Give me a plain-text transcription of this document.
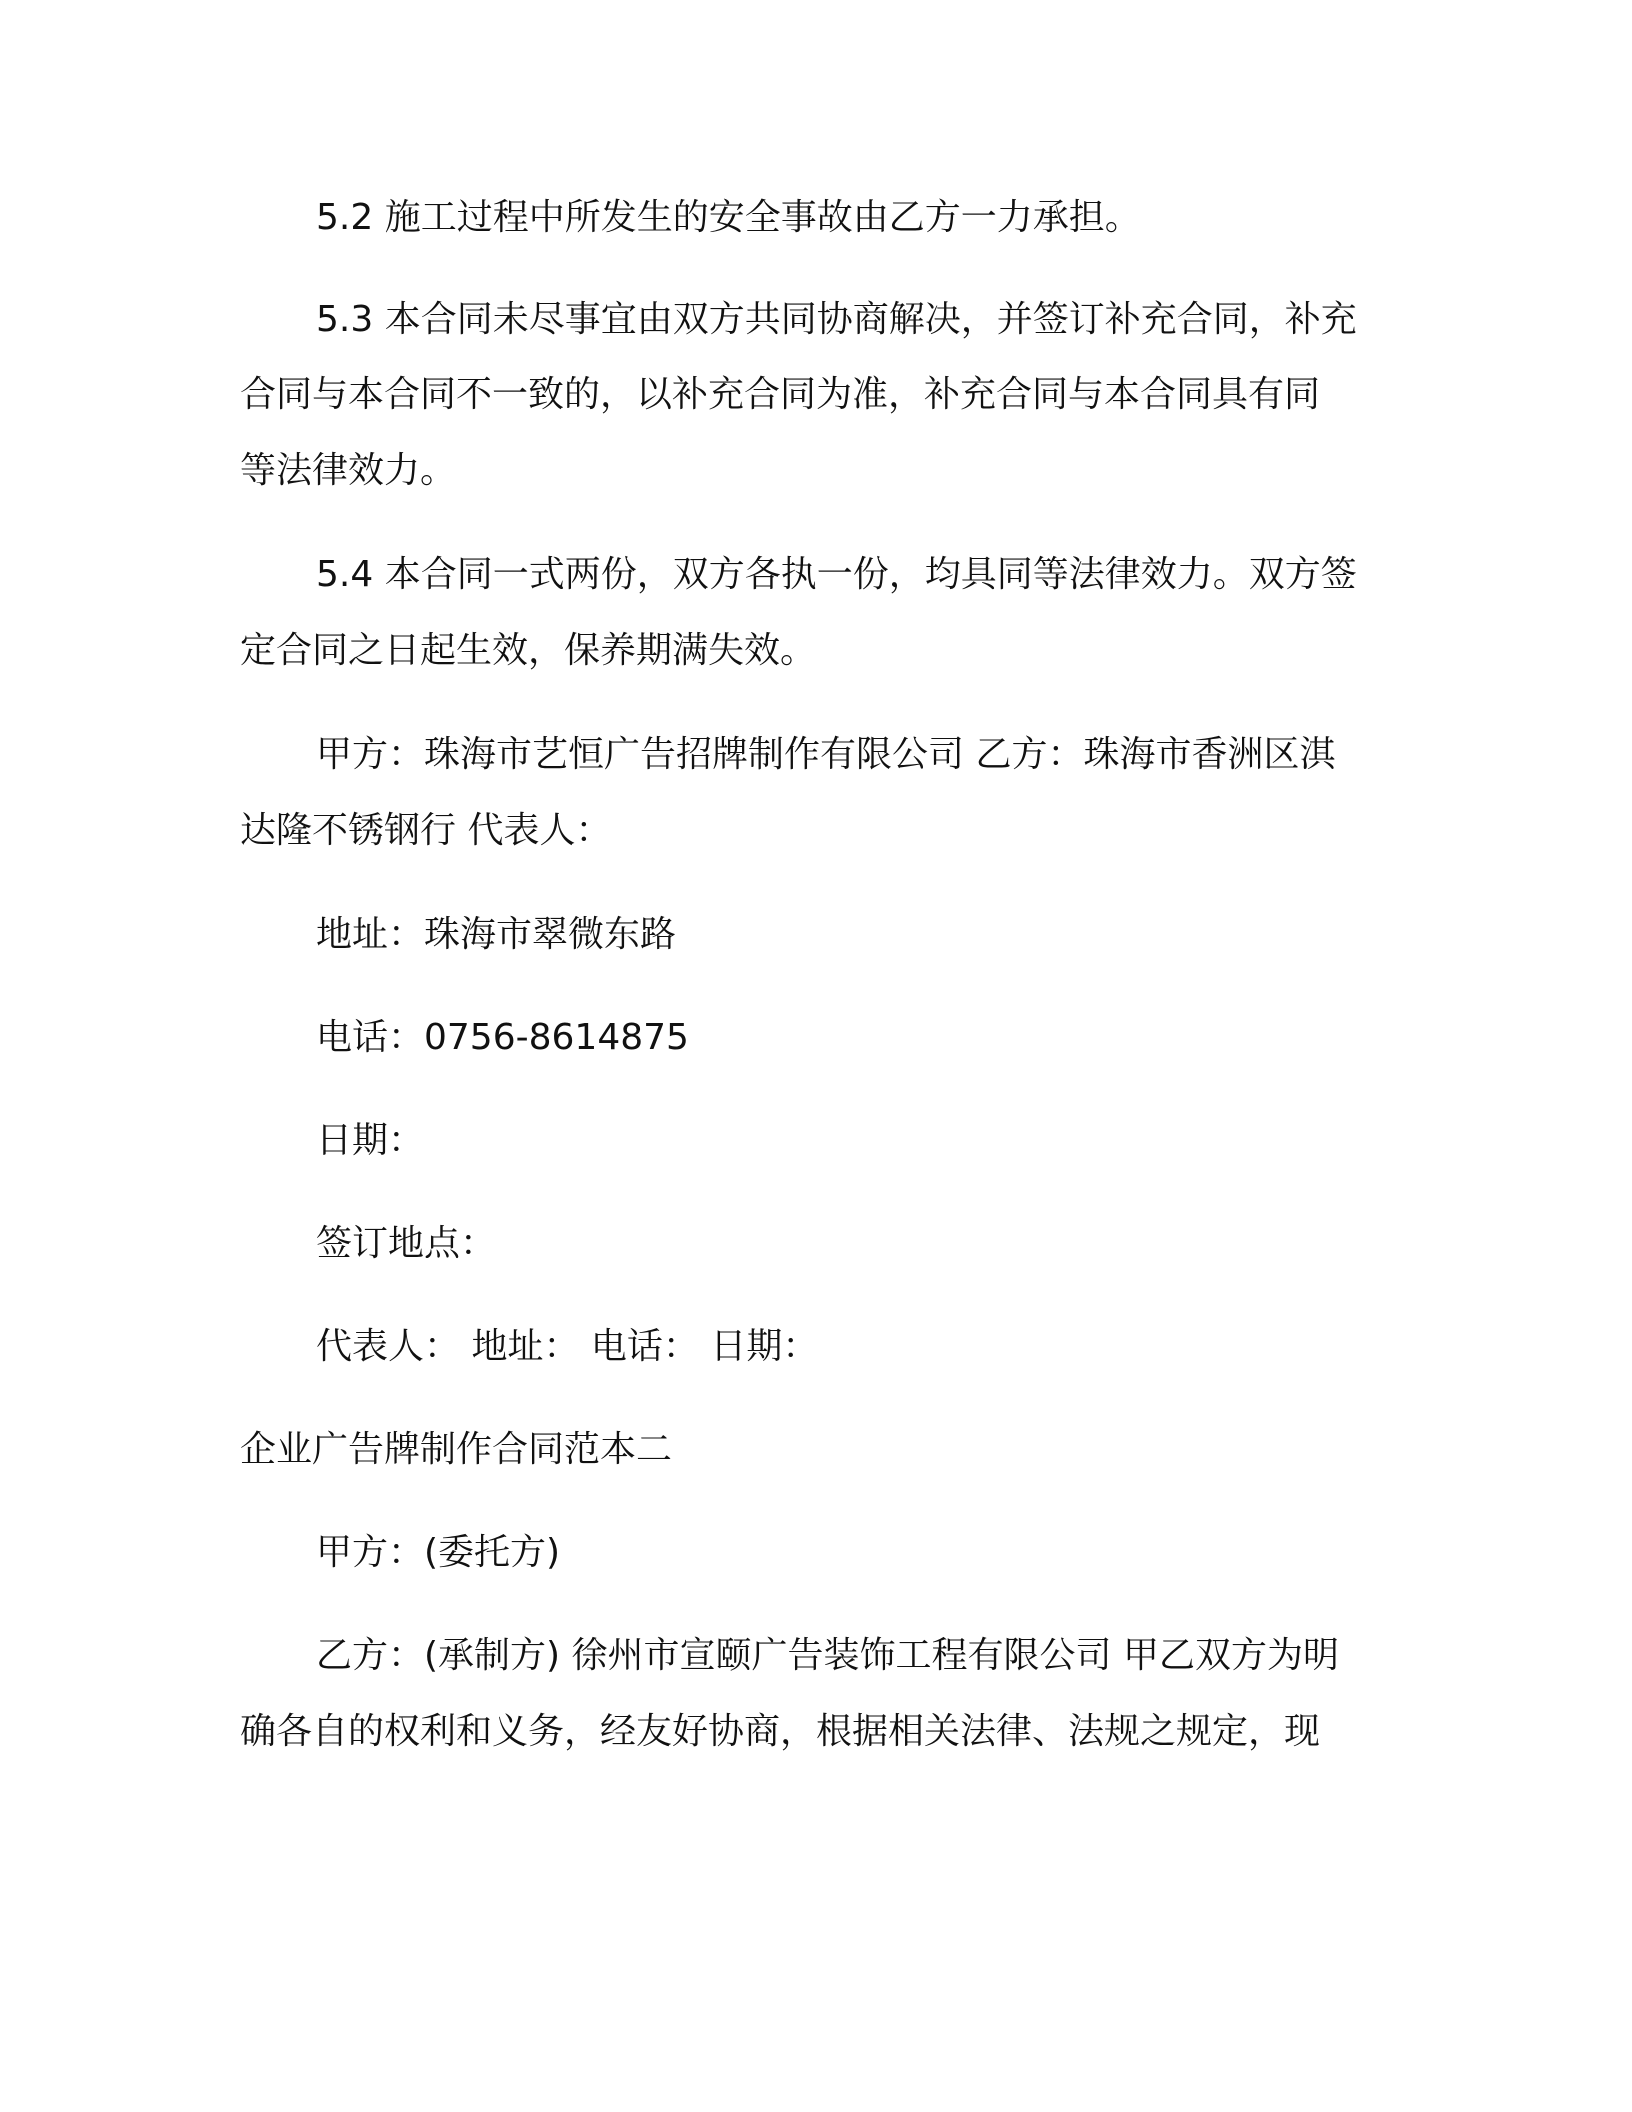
5.2 施工过程中所发生的安全事故由乙方一力承担。

5.3 本合同未尽事宜由双方共同协商解决，并签订补充合同，补充

合同与本合同不一致的，以补充合同为准，补充合同与本合同具有同

等法律效力。

5.4 本合同一式两份，双方各执一份，均具同等法律效力。双方签

定合同之日起生效，保养期满失效。

甲方：珠海市艺恒广告招牌制作有限公司 乙方：珠海市香洲区淇

达隆不锈钢行 代表人：

地址：珠海市翠微东路

电话：0756-8614875

日期：

签订地点：

代表人： 地址： 电话： 日期：

企业广告牌制作合同范本二

甲方：(委托方)

乙方：(承制方) 徐州市宣颐广告装饰工程有限公司 甲乙双方为明

确各自的权利和义务，经友好协商，根据相关法律、法规之规定，现
